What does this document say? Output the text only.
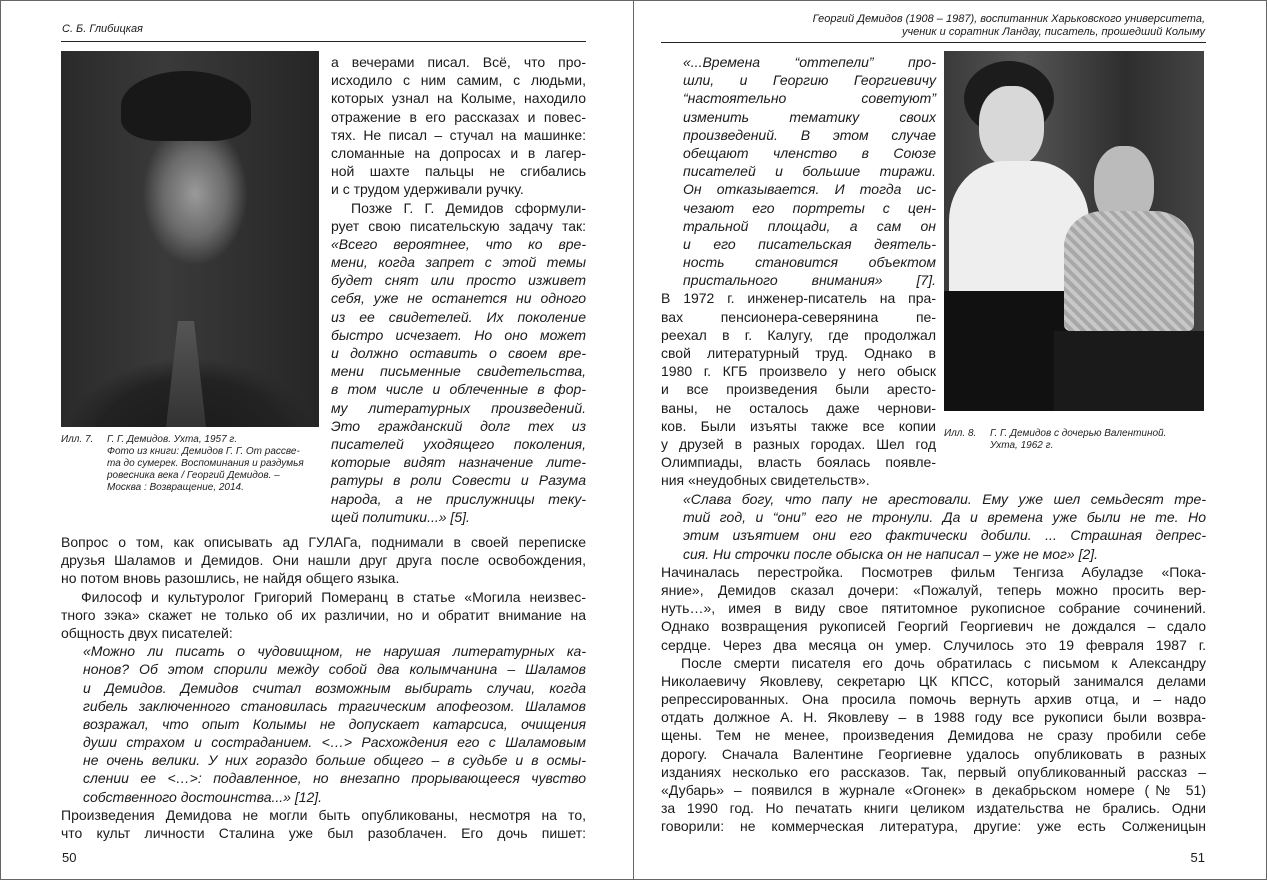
С. Б. Глибицкая
Илл. 7. Г. Г. Демидов. Ухта, 1957 г.
Фото из книги: Демидов Г. Г. От рассве-
та до сумерек. Воспоминания и раздумья
ровесника века / Георгий Демидов. –
Москва : Возвращение, 2014.
а вечерами писал. Всё, что про-
исходило с ним самим, с людьми,
которых узнал на Колыме, находило
отражение в его рассказах и повес-
тях. Не писал – стучал на машинке:
сломанные на допросах и в лагер-
ной шахте пальцы не сгибались
и с трудом удерживали ручку.
Позже Г. Г. Демидов сформули-
рует свою писательскую задачу так:
«Всего вероятнее, что ко вре-
мени, когда запрет с этой темы
будет снят или просто изживет
себя, уже не останется ни одного
из ее свидетелей. Их поколение
быстро исчезает. Но оно может
и должно оставить о своем вре-
мени письменные свидетельства,
в том числе и облеченные в фор-
му литературных произведений.
Это гражданский долг тех из
писателей уходящего поколения,
которые видят назначение лите-
ратуры в роли Совести и Разума
народа, а не прислужницы теку-
щей политики...» [5].
Вопрос о том, как описывать ад ГУЛАГа, поднимали в своей переписке
друзья Шаламов и Демидов. Они нашли друг друга после освобождения,
но потом вновь разошлись, не найдя общего языка.
Философ и культуролог Григорий Померанц в статье «Могила неизвес-
тного зэка» скажет не только об их различии, но и обратит внимание на
общность двух писателей:
«Можно ли писать о чудовищном, не нарушая литературных ка-
нонов? Об этом спорили между собой два колымчанина – Шаламов
и Демидов. Демидов считал возможным выбирать случаи, когда
гибель заключенного становилась трагическим апофеозом. Шаламов
возражал, что опыт Колымы не допускает катарсиса, очищения
души страхом и состраданием. <…> Расхождения его с Шаламовым
не очень велики. У них гораздо больше общего – в судьбе и в осмы-
слении ее <…>: подавленное, но внезапно прорывающееся чувство
собственного достоинства...» [12].
Произведения Демидова не могли быть опубликованы, несмотря на то,
что культ личности Сталина уже был разоблачен. Его дочь пишет:
50
Георгий Демидов (1908 – 1987), воспитанник Харьковского университета,
ученик и соратник Ландау, писатель, прошедший Колыму
«...Времена “оттепели” про-
шли, и Георгию Георгиевичу
“настоятельно советуют”
изменить тематику своих
произведений. В этом случае
обещают членство в Союзе
писателей и большие тиражи.
Он отказывается. И тогда ис-
чезают его портреты с цен-
тральной площади, а сам он
и его писательская деятель-
ность становится объектом
пристального внимания» [7].
В 1972 г. инженер-писатель на пра-
вах пенсионера-северянина пе-
реехал в г. Калугу, где продолжал
свой литературный труд. Однако в
1980 г. КГБ произвело у него обыск
и все произведения были аресто-
ваны, не осталось даже чернови-
ков. Были изъяты также все копии
у друзей в разных городах. Шел год
Олимпиады, власть боялась появле-
ния «неудобных свидетельств».
Илл. 8. Г. Г. Демидов с дочерью Валентиной.
Ухта, 1962 г.
«Слава богу, что папу не арестовали. Ему уже шел семьдесят тре-
тий год, и “они” его не тронули. Да и времена уже были не те. Но
этим изъятием они его фактически добили. ... Страшная депрес-
сия. Ни строчки после обыска он не написал – уже не мог» [2].
Начиналась перестройка. Посмотрев фильм Тенгиза Абуладзе «Пока-
яние», Демидов сказал дочери: «Пожалуй, теперь можно просить вер-
нуть…», имея в виду свое пятитомное рукописное собрание сочинений.
Однако возвращения рукописей Георгий Георгиевич не дождался – сдало
сердце. Через два месяца он умер. Случилось это 19 февраля 1987 г.
После смерти писателя его дочь обратилась с письмом к Александру
Николаевичу Яковлеву, секретарю ЦК КПСС, который занимался делами
репрессированных. Она просила помочь вернуть архив отца, и – надо
отдать должное А. Н. Яковлеву – в 1988 году все рукописи были возвра-
щены. Тем не менее, произведения Демидова не сразу пробили себе
дорогу. Сначала Валентине Георгиевне удалось опубликовать в разных
изданиях несколько его рассказов. Так, первый опубликованный рассказ –
«Дубарь» – появился в журнале «Огонек» в декабрьском номере (№ 51)
за 1990 год. Но печатать книги целиком издательства не брались. Одни
говорили: не коммерческая литература, другие: уже есть Солженицын
51
